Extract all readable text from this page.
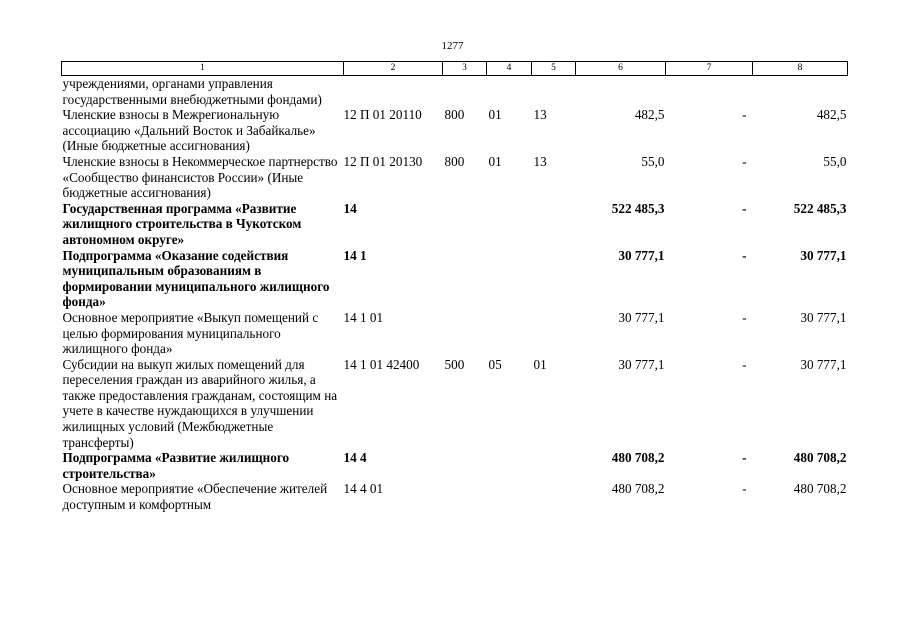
1277
1	2	3	4	5	6	7	8
учреждениями, органами управления государственными внебюджетными фондами)							
Членские взносы в Межрегиональную ассоциацию «Дальний Восток и Забайкалье» (Иные бюджетные ассигнования)	12 П 01 20110	800	01	13	482,5	-	482,5
Членские взносы в Некоммерческое партнерство «Сообщество финансистов России» (Иные бюджетные ассигнования)	12 П 01 20130	800	01	13	55,0	-	55,0
Государственная программа «Развитие жилищного строительства в Чукотском автономном округе»	14				522 485,3	-	522 485,3
Подпрограмма «Оказание содействия муниципальным образованиям в формировании муниципального жилищного фонда»	14 1				30 777,1	-	30 777,1
Основное мероприятие «Выкуп помещений с целью формирования муниципального жилищного фонда»	14 1 01				30 777,1	-	30 777,1
Субсидии на выкуп жилых помещений для переселения граждан из аварийного жилья, а также предоставления гражданам, состоящим на учете в качестве нуждающихся в улучшении жилищных условий (Межбюджетные трансферты)	14 1 01 42400	500	05	01	30 777,1	-	30 777,1
Подпрограмма «Развитие жилищного строительства»	14 4				480 708,2	-	480 708,2
Основное мероприятие «Обеспечение жителей доступным и комфортным	14 4 01				480 708,2	-	480 708,2
